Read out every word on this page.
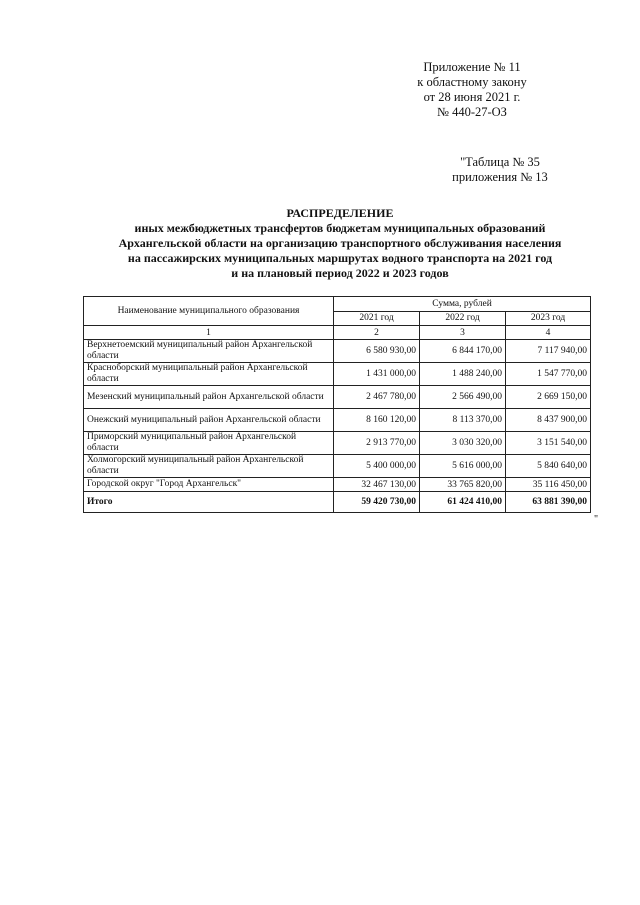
Приложение № 11
к областному закону
от 28 июня 2021 г.
№ 440-27-ОЗ
"Таблица № 35
приложения № 13
РАСПРЕДЕЛЕНИЕ
иных межбюджетных трансфертов бюджетам муниципальных образований
Архангельской области на организацию транспортного обслуживания населения
на пассажирских муниципальных маршрутах водного транспорта на 2021 год
и на плановый период 2022 и 2023 годов
Наименование муниципального образования	Сумма, рублей		
	2021 год	2022 год	2023 год
1	2	3	4
Верхнетоемский муниципальный район Архангельской области	6 580 930,00	6 844 170,00	7 117 940,00
Красноборский муниципальный район Архангельской области	1 431 000,00	1 488 240,00	1 547 770,00
Мезенский муниципальный район Архангельской области	2 467 780,00	2 566 490,00	2 669 150,00
Онежский муниципальный район Архангельской области	8 160 120,00	8 113 370,00	8 437 900,00
Приморский муниципальный район Архангельской области	2 913 770,00	3 030 320,00	3 151 540,00
Холмогорский муниципальный район Архангельской области	5 400 000,00	5 616 000,00	5 840 640,00
Городской округ "Город Архангельск"	32 467 130,00	33 765 820,00	35 116 450,00
Итого	59 420 730,00	61 424 410,00	63 881 390,00
"
